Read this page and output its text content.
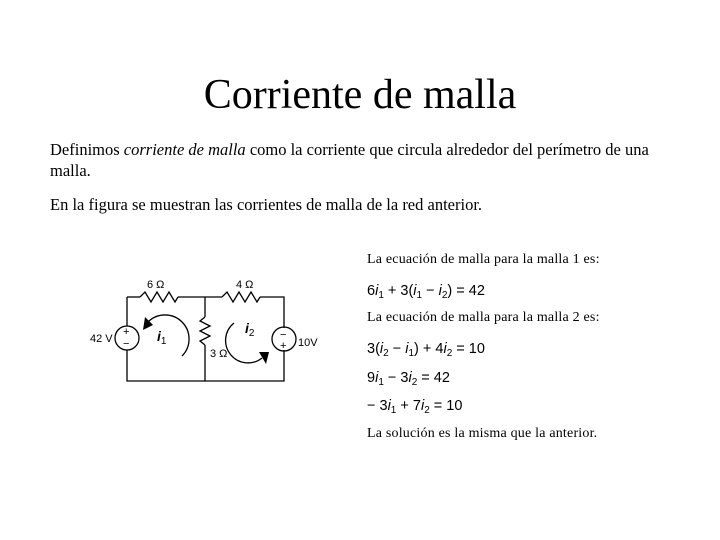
Corriente de malla
Definimos corriente de malla como la corriente que circula alrededor del perímetro de una malla.
En la figura se muestran las corrientes de malla de la red anterior.
6 Ω	4 Ω
3 Ω
42 V	10V
+
−
−
+
$i_1$
$i_2$
La ecuación de malla para la malla 1 es:
$6i_1 + 3(i_1 - i_2) = 42$
La ecuación de malla para la malla 2 es:
$3(i_2 - i_1) + 4i_2 = 10$
$9i_1 - 3i_2 = 42$
− $3i_1 + 7i_2 = 10$
La solución es la misma que la anterior.
